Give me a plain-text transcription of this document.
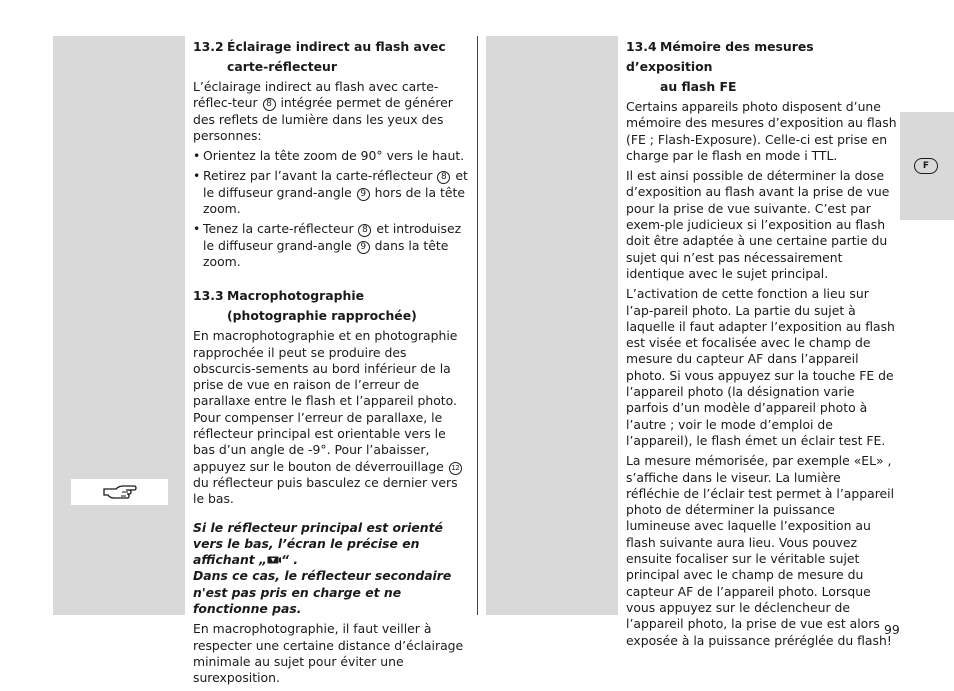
F
99
13.2 Éclairage indirect au flash avec
carte-réflecteur

L’éclairage indirect au flash avec carte-réflec-teur 8 intégrée permet de générer des reflets de lumière dans les yeux des personnes:

• Orientez la tête zoom de 90° vers le haut.
• Retirez par l’avant la carte-réflecteur 8 et le diffuseur grand-angle 9 hors de la tête zoom.
• Tenez la carte-réflecteur 8 et introduisez le diffuseur grand-angle 9 dans la tête zoom.
13.3 Macrophotographie
(photographie rapprochée)

En macrophotographie et en photographie rapprochée il peut se produire des obscurcis-sements au bord inférieur de la prise de vue en raison de l’erreur de parallaxe entre le flash et l’appareil photo. Pour compenser l’erreur de parallaxe, le réflecteur principal est orientable vers le bas d’un angle de -9°. Pour l’abaisser, appuyez sur le bouton de déverrouillage 12 du réflecteur puis basculez ce dernier vers le bas.

Si le réflecteur principal est orienté vers le bas, l’écran le précise en affichant „ “ .
Dans ce cas, le réflecteur secondaire n'est pas pris en charge et ne fonctionne pas.

En macrophotographie, il faut veiller à respecter une certaine distance d’éclairage minimale au sujet pour éviter une surexposition.

13.4 Mémoire des mesures d’exposition
au flash FE

Certains appareils photo disposent d’une mémoire des mesures d’exposition au flash (FE ; Flash-Exposure). Celle-ci est prise en charge par le flash en mode i TTL.

Il est ainsi possible de déterminer la dose d’exposition au flash avant la prise de vue pour la prise de vue suivante. C’est par exem-ple judicieux si l’exposition au flash doit être adaptée à une certaine partie du sujet qui n’est pas nécessairement identique avec le sujet principal.

L’activation de cette fonction a lieu sur l’ap-pareil photo. La partie du sujet à laquelle il faut adapter l’exposition au flash est visée et focalisée avec le champ de mesure du capteur AF dans l’appareil photo. Si vous appuyez sur la touche FE de l’appareil photo (la désignation varie parfois d’un modèle d’appareil photo à l’autre ; voir le mode d’emploi de l’appareil), le flash émet un éclair test FE.

La mesure mémorisée, par exemple «EL» , s’affiche dans le viseur. La lumière réfléchie de l’éclair test permet à l’appareil photo de déterminer la puissance lumineuse avec laquelle l’exposition au flash suivante aura lieu. Vous pouvez ensuite focaliser sur le véritable sujet principal avec le champ de mesure du capteur AF de l’appareil photo. Lorsque vous appuyez sur le déclencheur de l’appareil photo, la prise de vue est alors exposée à la puissance préréglée du flash!
